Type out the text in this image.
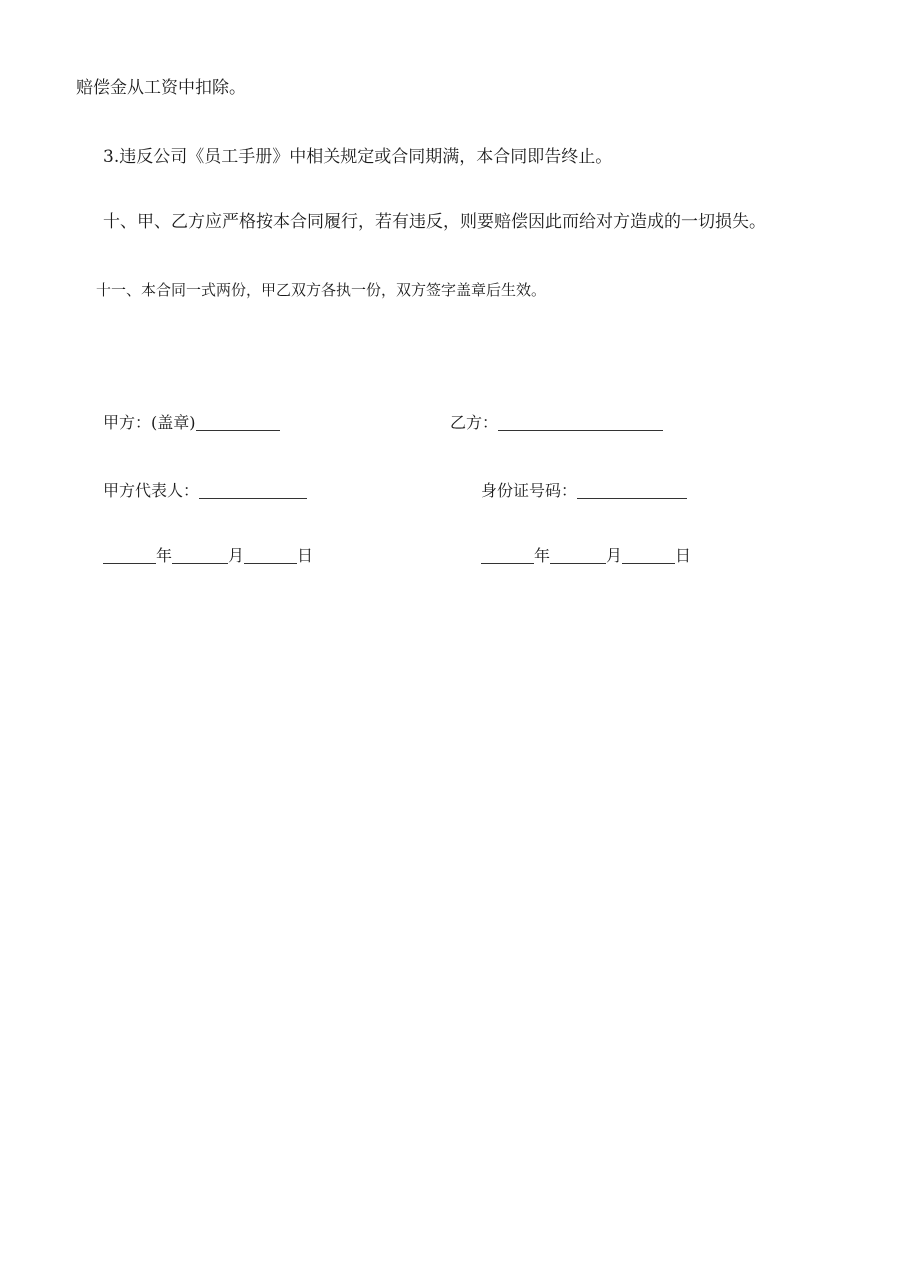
赔偿金从工资中扣除。
3.违反公司《员工手册》中相关规定或合同期满，本合同即告终止。
十、甲、乙方应严格按本合同履行，若有违反，则要赔偿因此而给对方造成的一切损失。
十一、本合同一式两份，甲乙双方各执一份，双方签字盖章后生效。
甲方：(盖章)	乙方：
甲方代表人：	身份证号码：
年	月	日	年	月	日
